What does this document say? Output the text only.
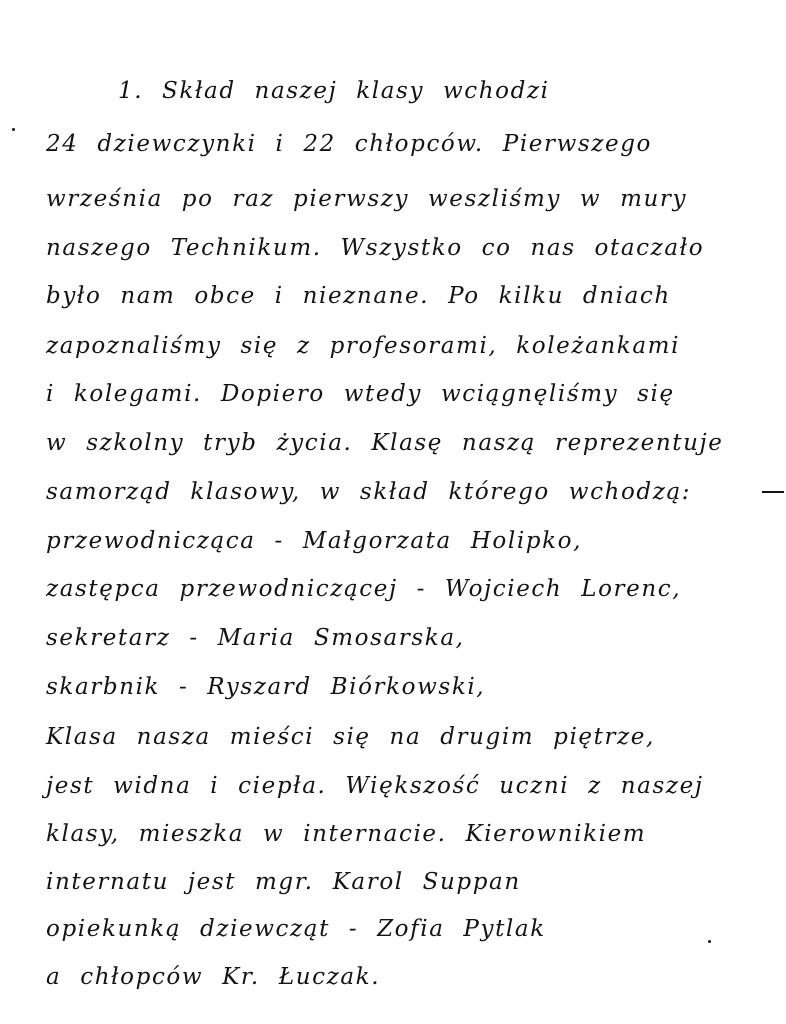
1. Skład naszej klasy wchodzi
24 dziewczynki i 22 chłopców. Pierwszego
września po raz pierwszy weszliśmy w mury
naszego Technikum. Wszystko co nas otaczało
było nam obce i nieznane. Po kilku dniach
zapoznaliśmy się z profesorami, koleżankami
i kolegami. Dopiero wtedy wciągnęliśmy się
w szkolny tryb życia. Klasę naszą reprezentuje
samorząd klasowy, w skład którego wchodzą:
przewodnicząca - Małgorzata Holipko,
zastępca przewodniczącej - Wojciech Lorenc,
sekretarz - Maria Smosarska,
skarbnik - Ryszard Biórkowski,
Klasa nasza mieści się na drugim piętrze,
jest widna i ciepła. Większość uczni z naszej
klasy, mieszka w internacie. Kierownikiem
internatu jest mgr. Karol Suppan
opiekunką dziewcząt - Zofia Pytlak
a chłopców Kr. Łuczak.
